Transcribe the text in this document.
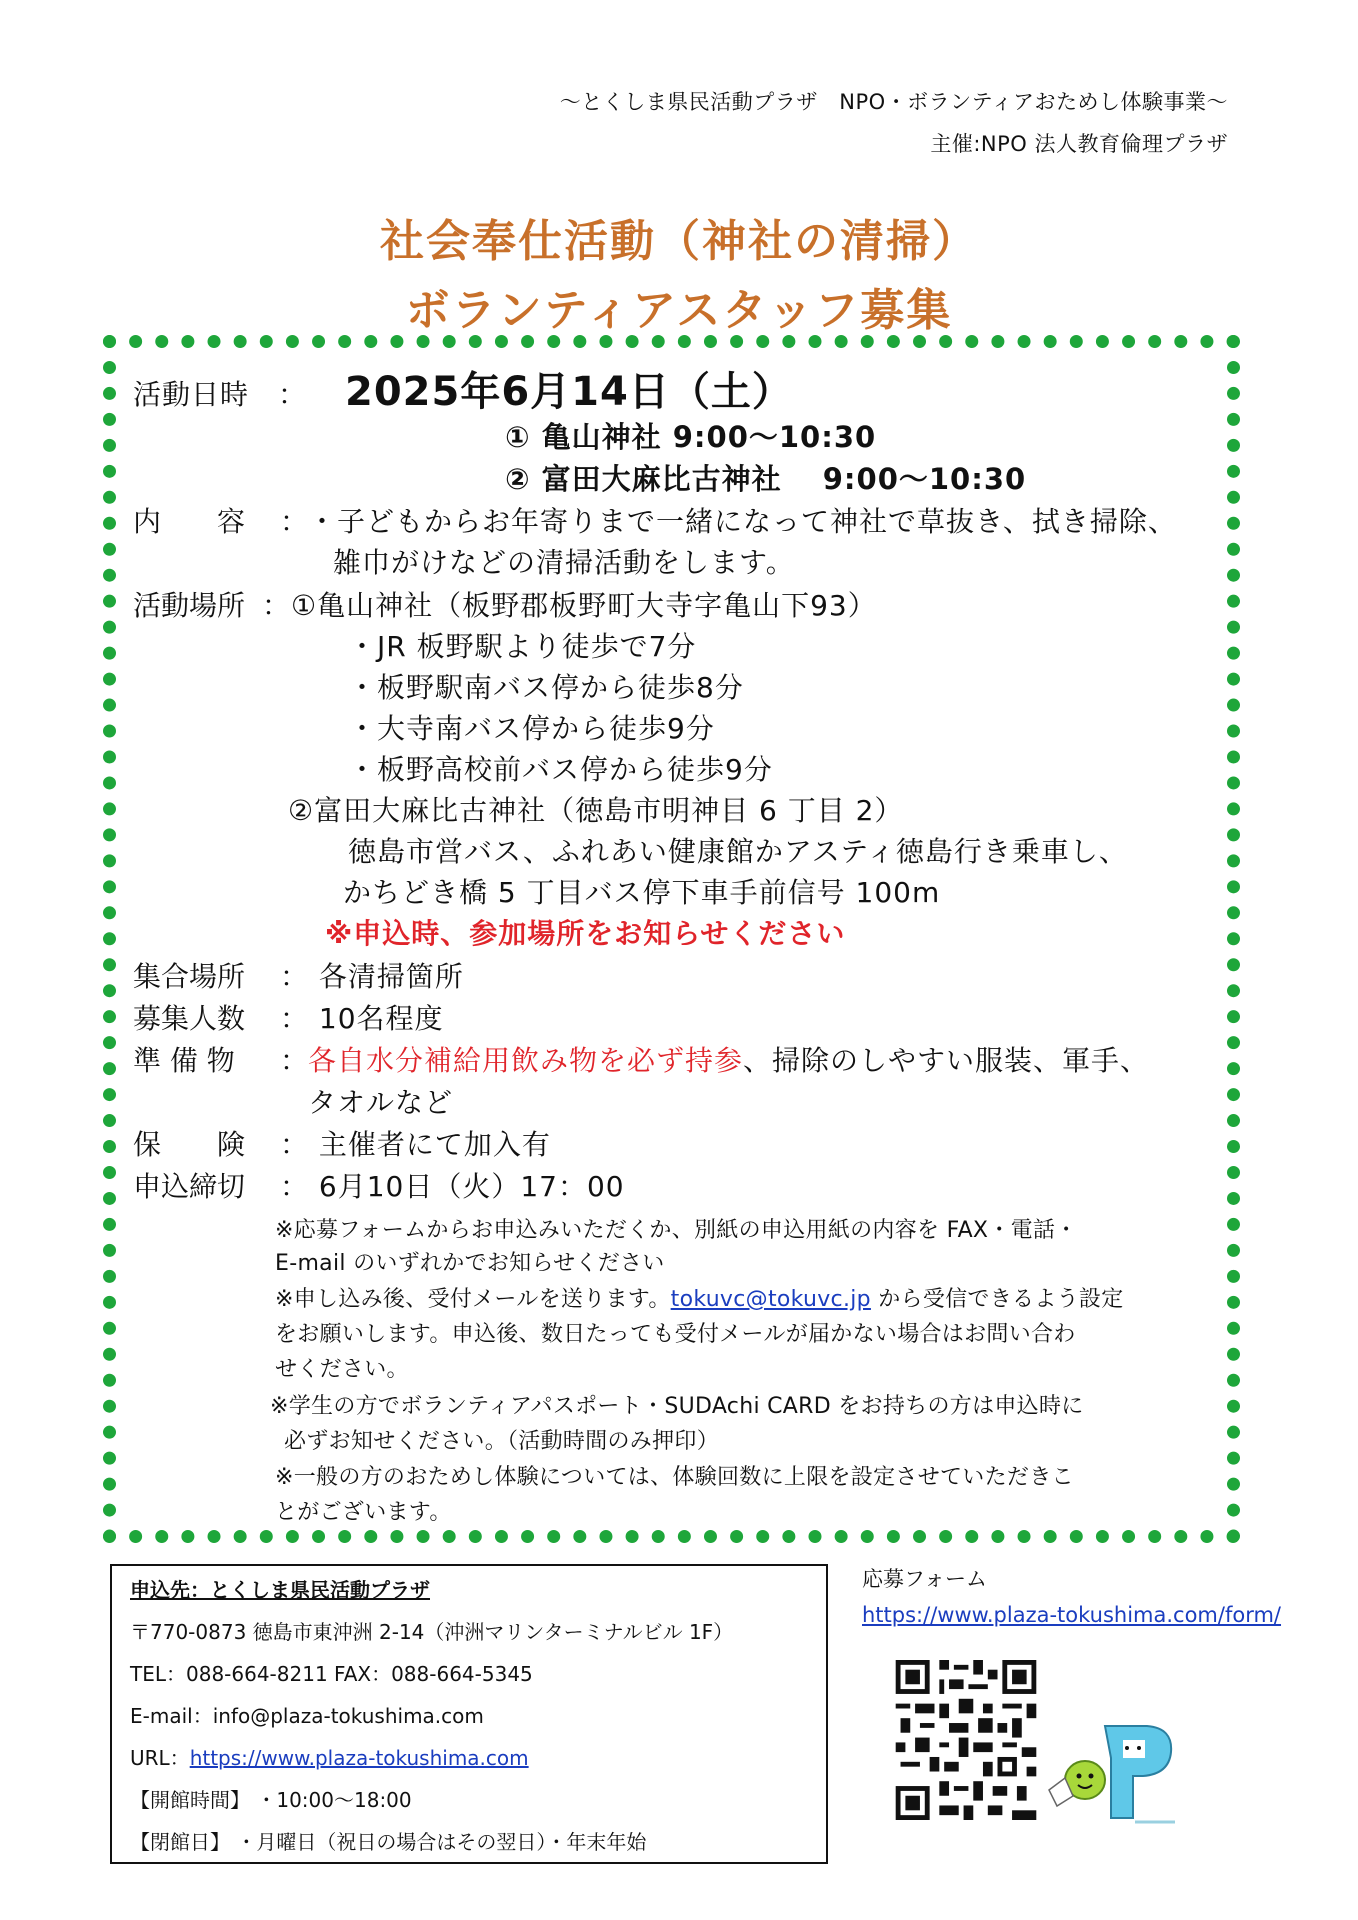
～とくしま県民活動プラザ　NPO・ボランティアおためし体験事業～
主催:NPO 法人教育倫理プラザ
社会奉仕活動（神社の清掃）
ボランティアスタッフ募集
活動日時　： 2025年6月14日（土）
① 亀山神社 9:00～10:30
② 富田大麻比古神社　 9:00～10:30
内　　容 ：
・子どもからお年寄りまで一緒になって神社で草抜き、拭き掃除、
雑巾がけなどの清掃活動をします。
活動場所 ：①亀山神社（板野郡板野町大寺字亀山下93）
・JR 板野駅より徒歩で7分
・板野駅南バス停から徒歩8分
・大寺南バス停から徒歩9分
・板野高校前バス停から徒歩9分
②富田大麻比古神社（徳島市明神目 6 丁目 2）
徳島市営バス、ふれあい健康館かアスティ徳島行き乗車し、
かちどき橋 5 丁目バス停下車手前信号 100m
※申込時、参加場所をお知らせください
集合場所 ： 各清掃箇所
募集人数 ： 10名程度
準 備 物 ：
各自水分補給用飲み物を必ず持参、掃除のしやすい服装、軍手、
タオルなど
保　　険 ： 主催者にて加入有
申込締切 ： 6月10日（火）17：00
※応募フォームからお申込みいただくか、別紙の申込用紙の内容を FAX・電話・
E-mail のいずれかでお知らせください
※申し込み後、受付メールを送ります。tokuvc@tokuvc.jp から受信できるよう設定
をお願いします。申込後、数日たっても受付メールが届かない場合はお問い合わ
せください。
※学生の方でボランティアパスポート・SUDAchi CARD をお持ちの方は申込時に
必ずお知せください。（活動時間のみ押印）
※一般の方のおためし体験については、体験回数に上限を設定させていただきこ
とがございます。
申込先：とくしま県民活動プラザ
〒770-0873 徳島市東沖洲 2-14（沖洲マリンターミナルビル 1F）
TEL：088-664-8211 FAX：088-664-5345
E-mail：info@plaza-tokushima.com
URL：https://www.plaza-tokushima.com
【開館時間】 ・10:00～18:00
【閉館日】 ・月曜日（祝日の場合はその翌日）・年末年始
応募フォーム
https://www.plaza-tokushima.com/form/
